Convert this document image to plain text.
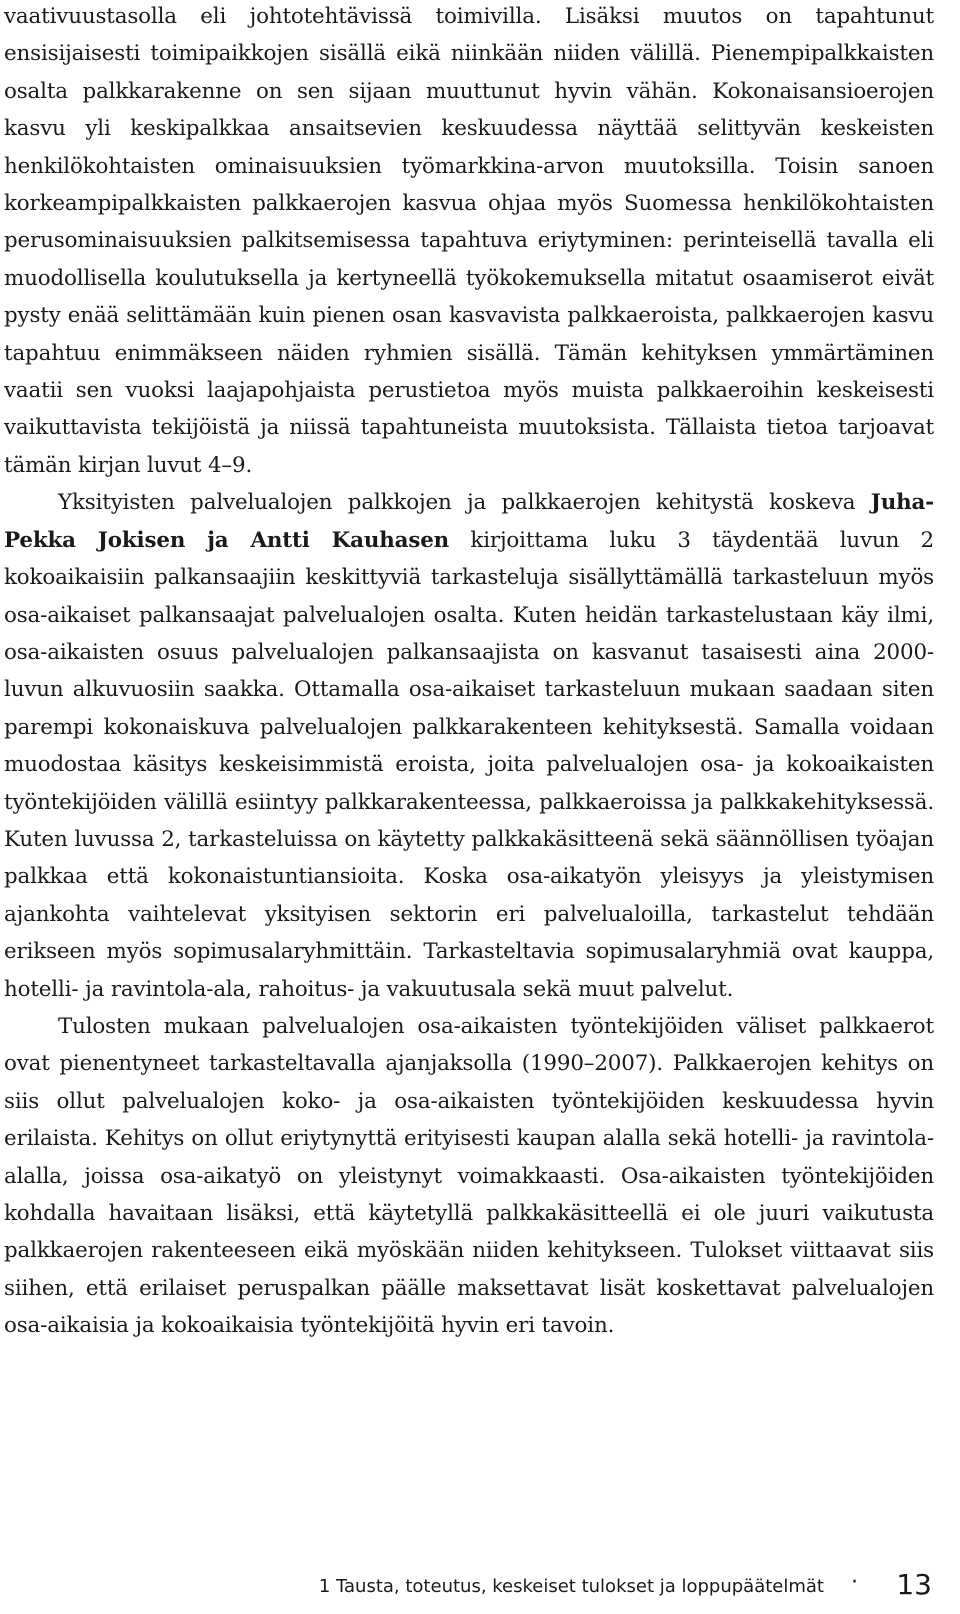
vaativuustasolla eli johtotehtävissä toimivilla. Lisäksi muutos on tapahtunut ensisijaisesti toimipaikkojen sisällä eikä niinkään niiden välillä. Pienempipalkkaisten osalta palkkarakenne on sen sijaan muuttunut hyvin vähän. Kokonaisansioerojen kasvu yli keskipalkkaa ansaitsevien keskuudessa näyttää selittyvän keskeisten henkilökohtaisten ominaisuuksien työmarkkina-arvon muutoksilla. Toisin sanoen korkeampipalkkaisten palkkaerojen kasvua ohjaa myös Suomessa henkilökohtaisten perusominaisuuksien palkitsemisessa tapahtuva eriytyminen: perinteisellä tavalla eli muodollisella koulutuksella ja kertyneellä työkokemuksella mitatut osaamiserot eivät pysty enää selittämään kuin pienen osan kasvavista palkkaeroista, palkkaerojen kasvu tapahtuu enimmäkseen näiden ryhmien sisällä. Tämän kehityksen ymmärtäminen vaatii sen vuoksi laajapohjaista perustietoa myös muista palkkaeroihin keskeisesti vaikuttavista tekijöistä ja niissä tapahtuneista muutoksista. Tällaista tietoa tarjoavat tämän kirjan luvut 4–9.

Yksityisten palvelualojen palkkojen ja palkkaerojen kehitystä koskeva Juha-Pekka Jokisen ja Antti Kauhasen kirjoittama luku 3 täydentää luvun 2 kokoaikaisiin palkansaajiin keskittyviä tarkasteluja sisällyttämällä tarkasteluun myös osa-aikaiset palkansaajat palvelualojen osalta. Kuten heidän tarkastelustaan käy ilmi, osa-aikaisten osuus palvelualojen palkansaajista on kasvanut tasaisesti aina 2000-luvun alkuvuosiin saakka. Ottamalla osa-aikaiset tarkasteluun mukaan saadaan siten parempi kokonaiskuva palvelualojen palkkarakenteen kehityksestä. Samalla voidaan muodostaa käsitys keskeisimmistä eroista, joita palvelualojen osa- ja kokoaikaisten työntekijöiden välillä esiintyy palkkarakenteessa, palkkaeroissa ja palkkakehityksessä. Kuten luvussa 2, tarkasteluissa on käytetty palkkakäsitteenä sekä säännöllisen työajan palkkaa että kokonaistuntiansioita. Koska osa-aikatyön yleisyys ja yleistymisen ajankohta vaihtelevat yksityisen sektorin eri palvelualoilla, tarkastelut tehdään erikseen myös sopimusalaryhmittäin. Tarkasteltavia sopimusalaryhmiä ovat kauppa, hotelli- ja ravintola-ala, rahoitus- ja vakuutusala sekä muut palvelut.

Tulosten mukaan palvelualojen osa-aikaisten työntekijöiden väliset palkkaerot ovat pienentyneet tarkasteltavalla ajanjaksolla (1990–2007). Palkkaerojen kehitys on siis ollut palvelualojen koko- ja osa-aikaisten työntekijöiden keskuudessa hyvin erilaista. Kehitys on ollut eriytynyttä erityisesti kaupan alalla sekä hotelli- ja ravintola-alalla, joissa osa-aikatyö on yleistynyt voimakkaasti. Osa-aikaisten työntekijöiden kohdalla havaitaan lisäksi, että käytetyllä palkkakäsitteellä ei ole juuri vaikutusta palkkaerojen rakenteeseen eikä myöskään niiden kehitykseen. Tulokset viittaavat siis siihen, että erilaiset peruspalkan päälle maksettavat lisät koskettavat palvelualojen osa-aikaisia ja kokoaikaisia työntekijöitä hyvin eri tavoin.

1 Tausta, toteutus, keskeiset tulokset ja loppupäätelmät · 13
